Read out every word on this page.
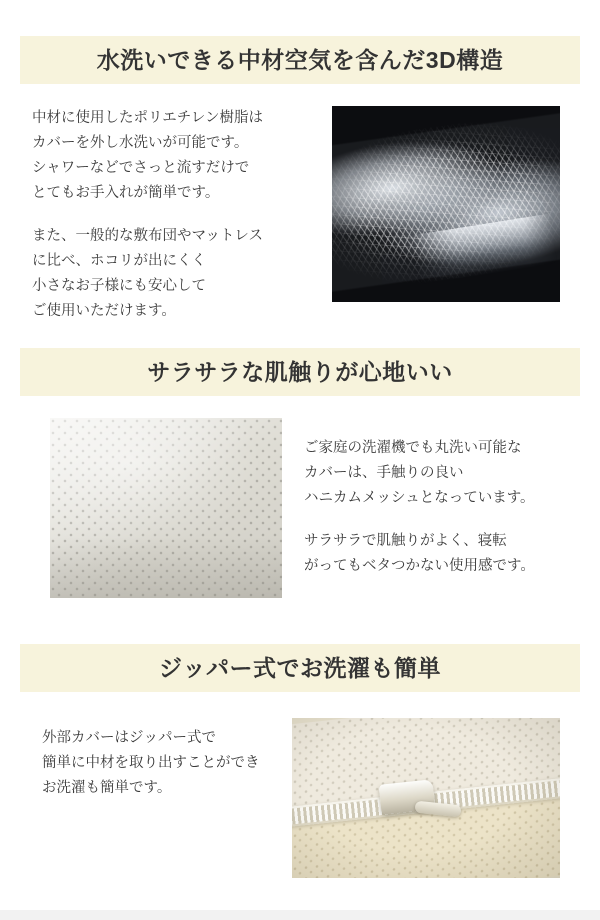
水洗いできる中材空気を含んだ3D構造
中材に使用したポリエチレン樹脂は
カバーを外し水洗いが可能です。
シャワーなどでさっと流すだけで
とてもお手入れが簡単です。
また、一般的な敷布団やマットレス
に比べ、ホコリが出にくく
小さなお子様にも安心して
ご使用いただけます。
サラサラな肌触りが心地いい
ご家庭の洗濯機でも丸洗い可能な
カバーは、手触りの良い
ハニカムメッシュとなっています。
サラサラで肌触りがよく、寝転
がってもベタつかない使用感です。
ジッパー式でお洗濯も簡単
外部カバーはジッパー式で
簡単に中材を取り出すことができ
お洗濯も簡単です。
